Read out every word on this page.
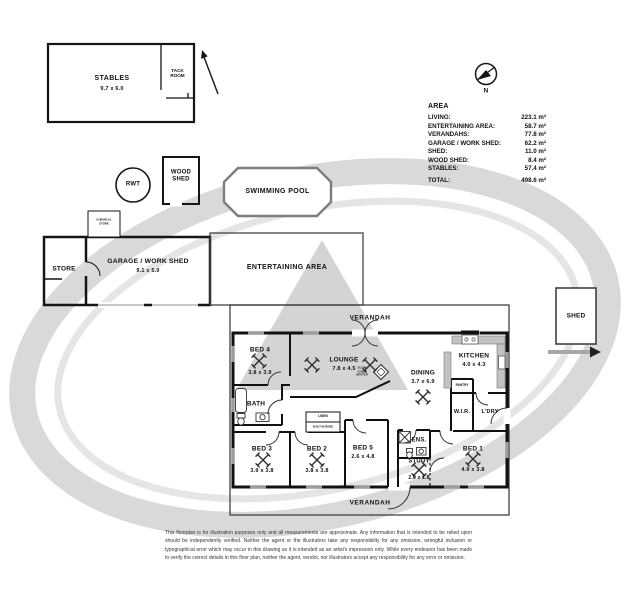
STABLES
9.7 x 6.0
TACK ROOM
RWT
WOOD SHED
SWIMMING POOL
STORE
CHEMICAL STORE
GARAGE / WORK SHED
9.1 x 5.0	ENTERTAINING AREA
SHED
N
AREA
LIVING:	223.1 m²
ENTERTAINING AREA:	58.7 m²
VERANDAHS:	77.8 m²
GARAGE / WORK SHED:	62.2 m²
SHED:	11.0 m²
WOOD SHED:	8.4 m²
STABLES:	57.4 m²
TOTAL:	498.6 m²
VERANDAH
VERANDAH
BED 4
3.8 x 3.9
LOUNGE
7.8 x 4.5
DINING
3.7 x 6.9
KITCHEN
4.0 x 4.3
BATH
BED 3
3.9 x 3.8
BED 2
3.8 x 3.8
BED 5
2.6 x 4.8
ENS.
STUDY
2.8 x 1.8
BED 1
4.9 x 3.8
W.I.R. L'DRY
LINEN
BUILT-IN ROBE
PANTRY
SLOW COMB HEATER
This floorplan is for illustration purposes only and all measurements are approximate. Any information that is intended to be relied upon should be independently verified. Neither the agent or the illustrators take any responsibility for any omission, wrongful inclusion or typographical error which may occur in this drawing as it is intended as an artist's impression only. While every endeavor has been made to verify the correct details in this floor plan, neither the agent, vendor, nor illustrators accept any responsibility for any error or omission.
